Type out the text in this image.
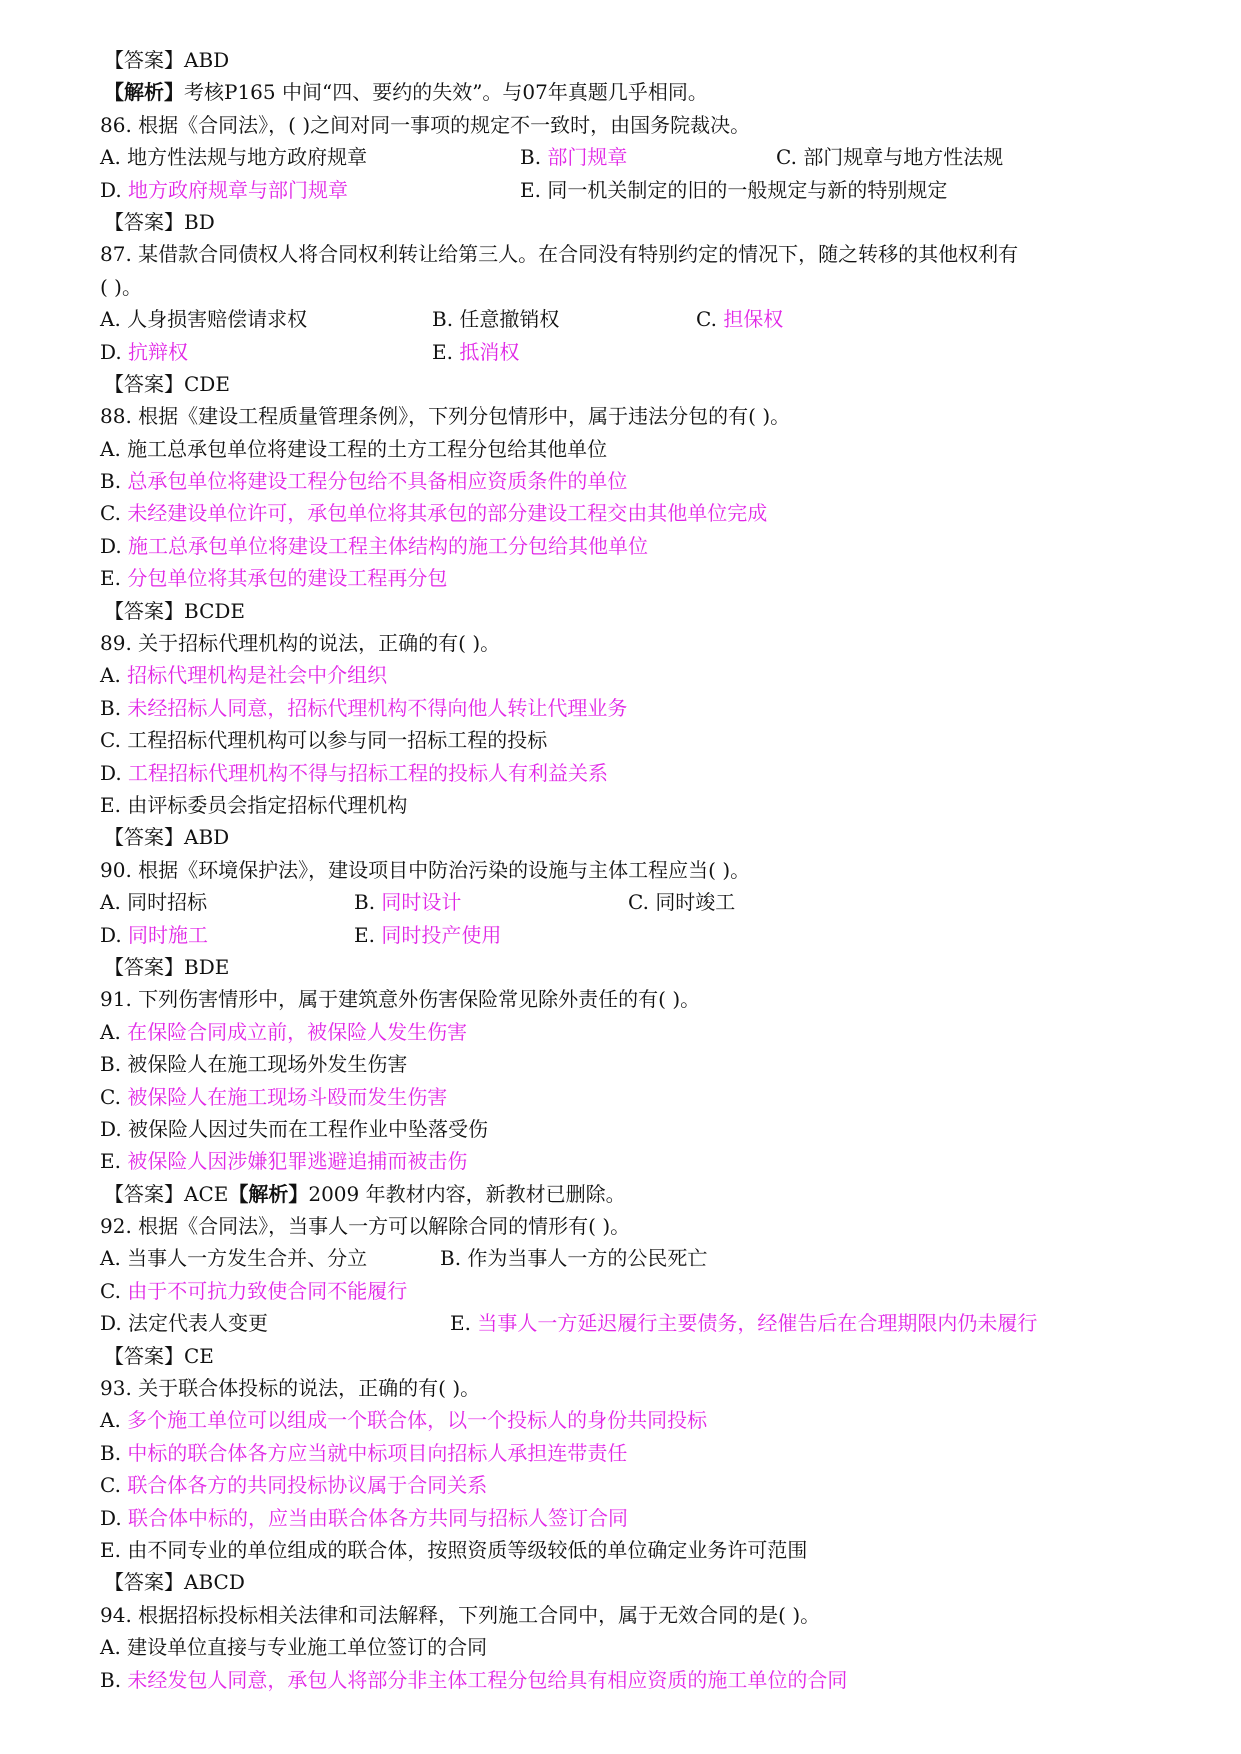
【答案】ABD
【解析】考核P165 中间“四、要约的失效”。与07年真题几乎相同。
86. 根据《合同法》，( )之间对同一事项的规定不一致时，由国务院裁决。
A. 地方性法规与地方政府规章	B. 部门规章	C. 部门规章与地方性法规
D. 地方政府规章与部门规章	E. 同一机关制定的旧的一般规定与新的特别规定
【答案】BD
87. 某借款合同债权人将合同权利转让给第三人。在合同没有特别约定的情况下，随之转移的其他权利有
( )。
A. 人身损害赔偿请求权	B. 任意撤销权	C. 担保权
D. 抗辩权	E. 抵消权
【答案】CDE
88. 根据《建设工程质量管理条例》，下列分包情形中，属于违法分包的有( )。
A. 施工总承包单位将建设工程的土方工程分包给其他单位
B. 总承包单位将建设工程分包给不具备相应资质条件的单位
C. 未经建设单位许可，承包单位将其承包的部分建设工程交由其他单位完成
D. 施工总承包单位将建设工程主体结构的施工分包给其他单位
E. 分包单位将其承包的建设工程再分包
【答案】BCDE
89. 关于招标代理机构的说法，正确的有( )。
A. 招标代理机构是社会中介组织
B. 未经招标人同意，招标代理机构不得向他人转让代理业务
C. 工程招标代理机构可以参与同一招标工程的投标
D. 工程招标代理机构不得与招标工程的投标人有利益关系
E. 由评标委员会指定招标代理机构
【答案】ABD
90. 根据《环境保护法》，建设项目中防治污染的设施与主体工程应当( )。
A. 同时招标	B. 同时设计	C. 同时竣工
D. 同时施工	E. 同时投产使用
【答案】BDE
91. 下列伤害情形中，属于建筑意外伤害保险常见除外责任的有( )。
A. 在保险合同成立前，被保险人发生伤害
B. 被保险人在施工现场外发生伤害
C. 被保险人在施工现场斗殴而发生伤害
D. 被保险人因过失而在工程作业中坠落受伤
E. 被保险人因涉嫌犯罪逃避追捕而被击伤
【答案】ACE【解析】2009 年教材内容，新教材已删除。
92. 根据《合同法》，当事人一方可以解除合同的情形有( )。
A. 当事人一方发生合并、分立	B. 作为当事人一方的公民死亡
C. 由于不可抗力致使合同不能履行
D. 法定代表人变更	E. 当事人一方延迟履行主要债务，经催告后在合理期限内仍未履行
【答案】CE
93. 关于联合体投标的说法，正确的有( )。
A. 多个施工单位可以组成一个联合体，以一个投标人的身份共同投标
B. 中标的联合体各方应当就中标项目向招标人承担连带责任
C. 联合体各方的共同投标协议属于合同关系
D. 联合体中标的，应当由联合体各方共同与招标人签订合同
E. 由不同专业的单位组成的联合体，按照资质等级较低的单位确定业务许可范围
【答案】ABCD
94. 根据招标投标相关法律和司法解释，下列施工合同中，属于无效合同的是( )。
A. 建设单位直接与专业施工单位签订的合同
B. 未经发包人同意，承包人将部分非主体工程分包给具有相应资质的施工单位的合同
